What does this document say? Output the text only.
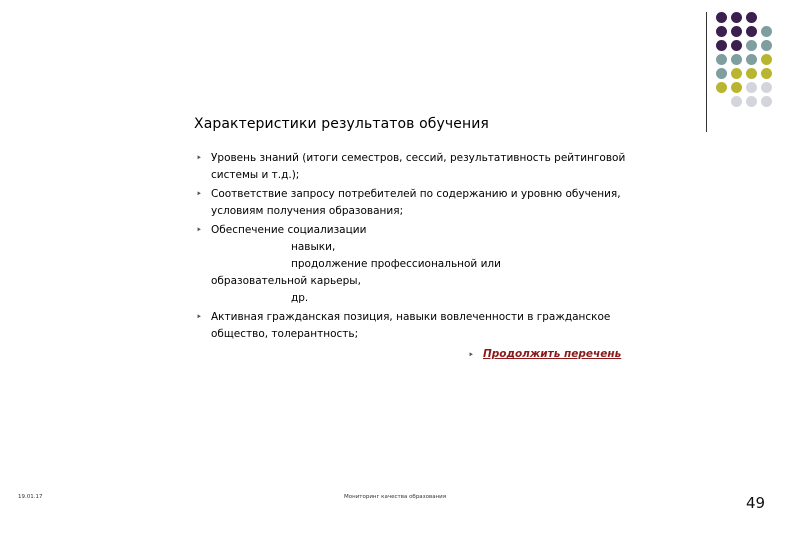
Характеристики результатов обучения
⯈ Уровень знаний (итоги семестров, сессий, результативность рейтинговой системы и т.д.);
⯈ Соответствие запросу потребителей по содержанию и уровню обучения, условиям получения образования;
⯈ Обеспечение социализации
навыки,
продолжение профессиональной или
образовательной карьеры,
др.
⯈ Активная гражданская позиция, навыки вовлеченности в гражданское общество, толерантность;
⯈ Продолжить перечень
19.01.17	Мониторинг качества образования	49
